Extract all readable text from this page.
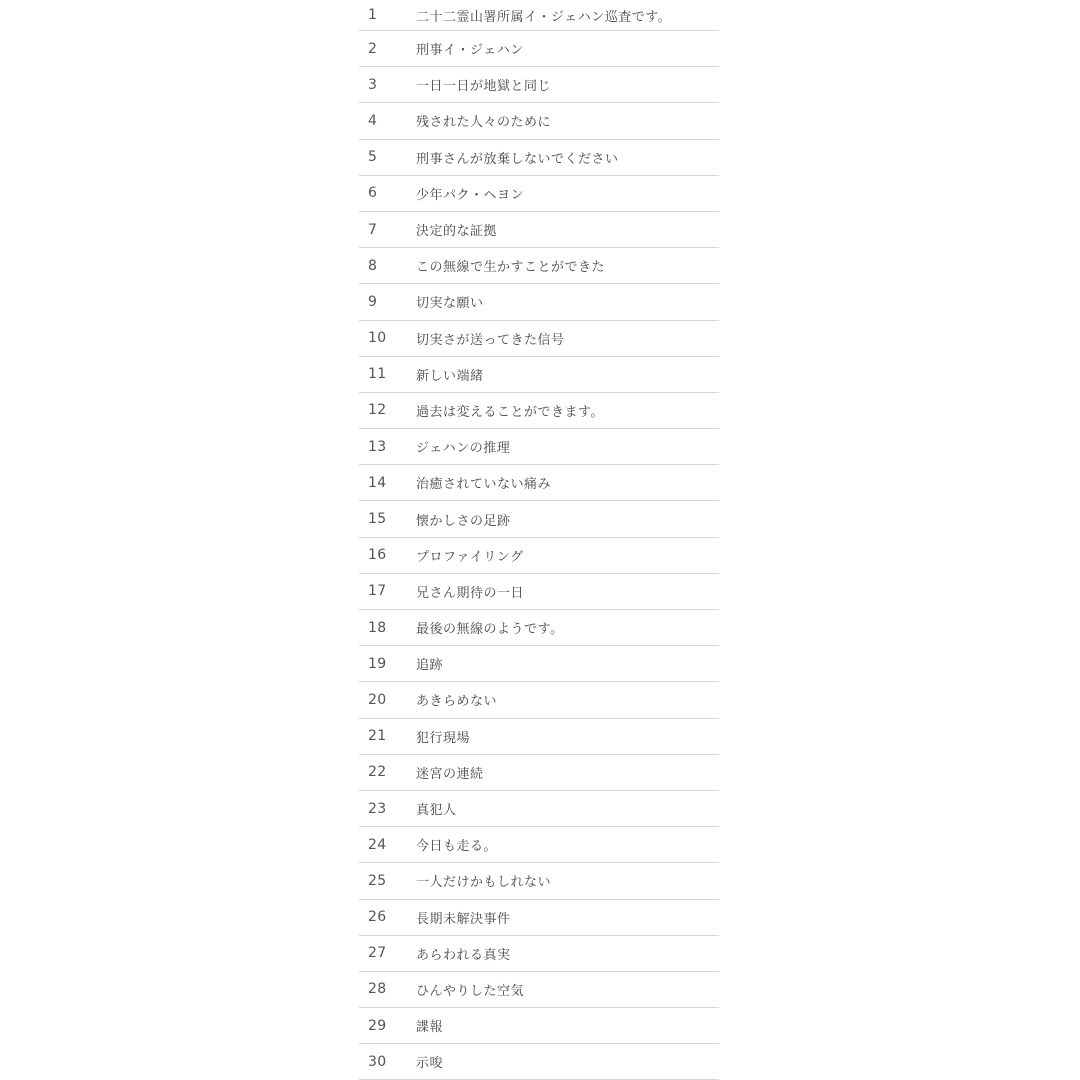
1	二十二霊山署所属イ・ジェハン巡査です。
2	刑事イ・ジェハン
3	一日一日が地獄と同じ
4	残された人々のために
5	刑事さんが放棄しないでください
6	少年パク・ヘヨン
7	決定的な証拠
8	この無線で生かすことができた
9	切実な願い
10 切実さが送ってきた信号
11 新しい端緒
12 過去は変えることができます。
13 ジェハンの推理
14 治癒されていない痛み
15 懐かしさの足跡
16 プロファイリング
17 兄さん期待の一日
18 最後の無線のようです。
19 追跡
20 あきらめない
21 犯行現場
22 迷宮の連続
23 真犯人
24 今日も走る。
25 一人だけかもしれない
26 長期未解決事件
27 あらわれる真実
28 ひんやりした空気
29 諜報
30 示唆
